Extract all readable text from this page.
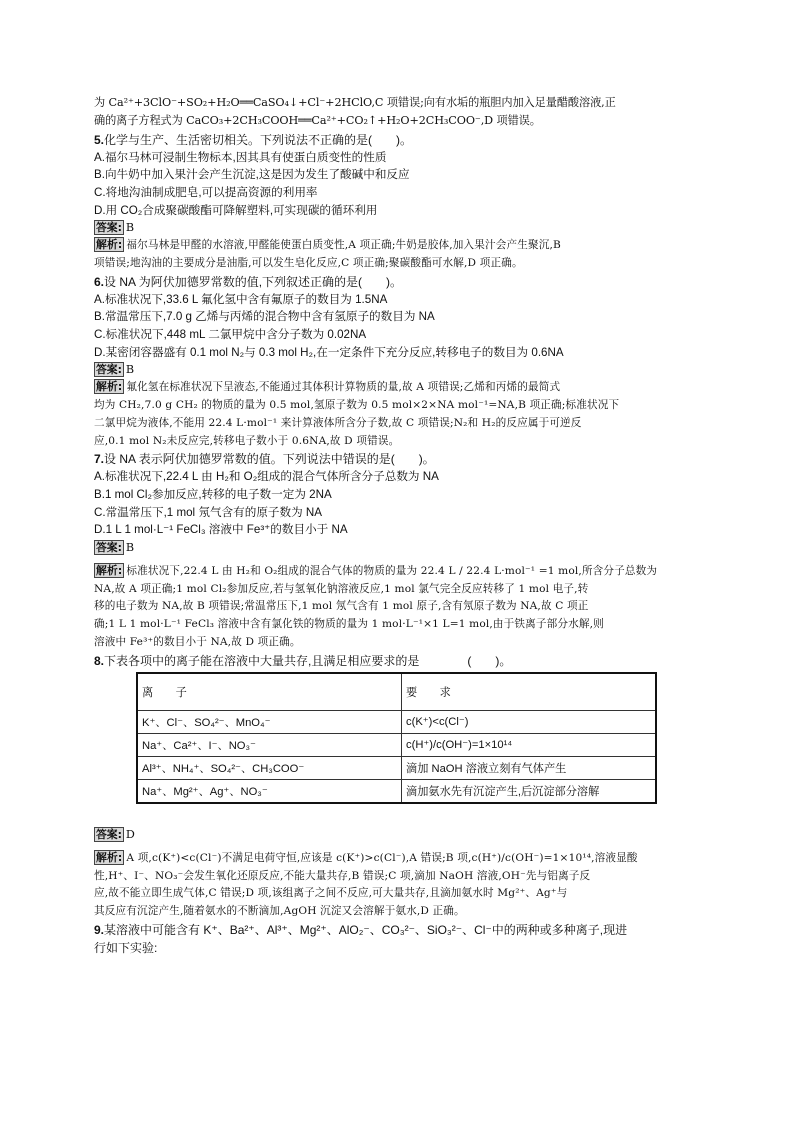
为 Ca²⁺+3ClO⁻+SO₂+H₂O══CaSO₄↓+Cl⁻+2HClO,C 项错误;向有水垢的瓶胆内加入足量醋酸溶液,正
确的离子方程式为 CaCO₃+2CH₃COOH══Ca²⁺+CO₂↑+H₂O+2CH₃COO⁻,D 项错误。
5.化学与生产、生活密切相关。下列说法不正确的是(　　)。
A.福尔马林可浸制生物标本,因其具有使蛋白质变性的性质
B.向牛奶中加入果汁会产生沉淀,这是因为发生了酸碱中和反应
C.将地沟油制成肥皂,可以提高资源的利用率
D.用 CO₂合成聚碳酸酯可降解塑料,可实现碳的循环利用
答案: B
解析: 福尔马林是甲醛的水溶液,甲醛能使蛋白质变性,A 项正确;牛奶是胶体,加入果汁会产生聚沉,B
项错误;地沟油的主要成分是油脂,可以发生皂化反应,C 项正确;聚碳酸酯可水解,D 项正确。
6.设 NA 为阿伏加德罗常数的值,下列叙述正确的是(　　)。
A.标准状况下,33.6 L 氟化氢中含有氟原子的数目为 1.5NA
B.常温常压下,7.0 g 乙烯与丙烯的混合物中含有氢原子的数目为 NA
C.标准状况下,448 mL 二氯甲烷中含分子数为 0.02NA
D.某密闭容器盛有 0.1 mol N₂与 0.3 mol H₂,在一定条件下充分反应,转移电子的数目为 0.6NA
答案: B
解析: 氟化氢在标准状况下呈液态,不能通过其体积计算物质的量,故 A 项错误;乙烯和丙烯的最简式
均为 CH₂,7.0 g CH₂ 的物质的量为 0.5 mol,氢原子数为 0.5 mol×2×NA mol⁻¹=NA,B 项正确;标准状况下
二氯甲烷为液体,不能用 22.4 L·mol⁻¹ 来计算液体所含分子数,故 C 项错误;N₂和 H₂的反应属于可逆反
应,0.1 mol N₂未反应完,转移电子数小于 0.6NA,故 D 项错误。
7.设 NA 表示阿伏加德罗常数的值。下列说法中错误的是(　　)。
A.标准状况下,22.4 L 由 H₂和 O₂组成的混合气体所含分子总数为 NA
B.1 mol Cl₂参加反应,转移的电子数一定为 2NA
C.常温常压下,1 mol 氖气含有的原子数为 NA
D.1 L 1 mol·L⁻¹ FeCl₃ 溶液中 Fe³⁺的数目小于 NA
答案: B
解析: 标准状况下,22.4 L 由 H₂和 O₂组成的混合气体的物质的量为 22.4 L / 22.4 L·mol⁻¹ =1 mol,所含分子总数为
NA,故 A 项正确;1 mol Cl₂参加反应,若与氢氧化钠溶液反应,1 mol 氯气完全反应转移了 1 mol 电子,转
移的电子数为 NA,故 B 项错误;常温常压下,1 mol 氖气含有 1 mol 原子,含有氖原子数为 NA,故 C 项正
确;1 L 1 mol·L⁻¹ FeCl₃ 溶液中含有氯化铁的物质的量为 1 mol·L⁻¹×1 L=1 mol,由于铁离子部分水解,则
溶液中 Fe³⁺的数目小于 NA,故 D 项正确。
8.下表各项中的离子能在溶液中大量共存,且满足相应要求的是　　　　(　　)。
离　　子	要　　求
K⁺、Cl⁻、SO₄²⁻、MnO₄⁻	c(K⁺)<c(Cl⁻)
Na⁺、Ca²⁺、I⁻、NO₃⁻	c(H⁺)/c(OH⁻)=1×10¹⁴
Al³⁺、NH₄⁺、SO₄²⁻、CH₃COO⁻	滴加 NaOH 溶液立刻有气体产生
Na⁺、Mg²⁺、Ag⁺、NO₃⁻	滴加氨水先有沉淀产生,后沉淀部分溶解
答案: D
解析: A 项,c(K⁺)<c(Cl⁻)不满足电荷守恒,应该是 c(K⁺)>c(Cl⁻),A 错误;B 项,c(H⁺)/c(OH⁻)=1×10¹⁴,溶液显酸
性,H⁺、I⁻、NO₃⁻会发生氧化还原反应,不能大量共存,B 错误;C 项,滴加 NaOH 溶液,OH⁻先与铝离子反
应,故不能立即生成气体,C 错误;D 项,该组离子之间不反应,可大量共存,且滴加氨水时 Mg²⁺、Ag⁺与
其反应有沉淀产生,随着氨水的不断滴加,AgOH 沉淀又会溶解于氨水,D 正确。
9.某溶液中可能含有 K⁺、Ba²⁺、Al³⁺、Mg²⁺、AlO₂⁻、CO₃²⁻、SiO₃²⁻、Cl⁻中的两种或多种离子,现进
行如下实验:
